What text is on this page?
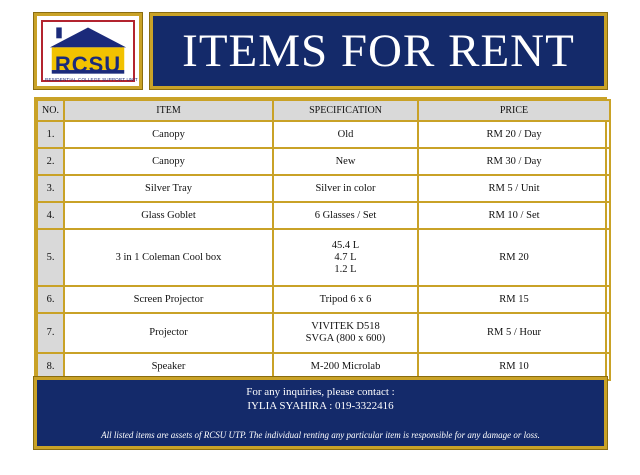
RCSU
RESIDENTIAL COLLEGE SUPPORT UNIT
ITEMS FOR RENT
NO.	ITEM	SPECIFICATION	PRICE
1.	Canopy	Old	RM 20 / Day
2.	Canopy	New	RM 30 / Day
3.	Silver Tray	Silver in color	RM 5 / Unit
4.	Glass Goblet	6 Glasses / Set	RM 10 / Set
5.	3 in 1 Coleman Cool box	45.4 L
4.7 L
1.2 L	RM 20
6.	Screen Projector	Tripod 6 x 6	RM 15
7.	Projector	VIVITEK D518
SVGA (800 x 600)	RM 5 / Hour
8.	Speaker	M-200 Microlab	RM 10
For any inquiries, please contact :
IYLIA SYAHIRA : 019-3322416
All listed items are assets of RCSU UTP. The individual renting any particular item is responsible for any damage or loss.
